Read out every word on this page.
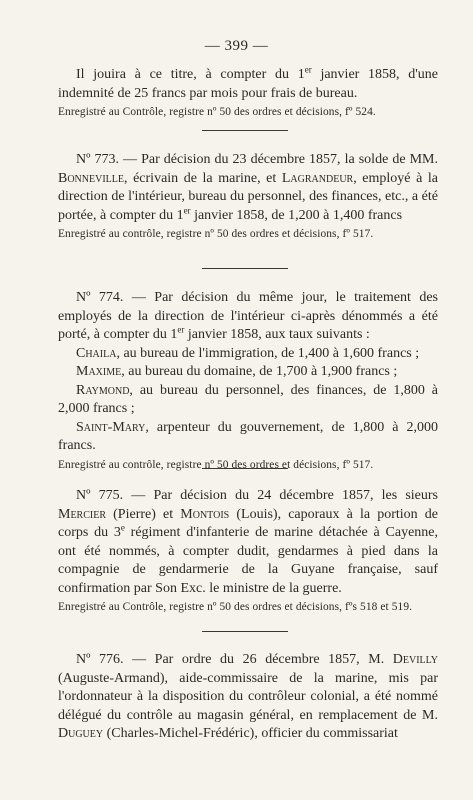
— 399 —

Il jouira à ce titre, à compter du 1er janvier 1858, d'une indemnité de 25 francs par mois pour frais de bureau.

Enregistré au Contrôle, registre nº 50 des ordres et décisions, fº 524.

Nº 773. — Par décision du 23 décembre 1857, la solde de MM. Bonneville, écrivain de la marine, et Lagrandeur, employé à la direction de l'intérieur, bureau du personnel, des finances, etc., a été portée, à compter du 1er janvier 1858, de 1,200 à 1,400 francs

Enregistré au contrôle, registre nº 50 des ordres et décisions, fº 517.

Nº 774. — Par décision du même jour, le traitement des employés de la direction de l'intérieur ci-après dénommés a été porté, à compter du 1er janvier 1858, aux taux suivants :

Chaila, au bureau de l'immigration, de 1,400 à 1,600 francs ;

Maxime, au bureau du domaine, de 1,700 à 1,900 francs ;

Raymond, au bureau du personnel, des finances, de 1,800 à 2,000 francs ;

Saint-Mary, arpenteur du gouvernement, de 1,800 à 2,000 francs.

Enregistré au contrôle, registre nº 50 des ordres et décisions, fº 517.

Nº 775. — Par décision du 24 décembre 1857, les sieurs Mercier (Pierre) et Montois (Louis), caporaux à la portion de corps du 3e régiment d'infanterie de marine détachée à Cayenne, ont été nommés, à compter dudit, gendarmes à pied dans la compagnie de gendarmerie de la Guyane française, sauf confirmation par Son Exc. le ministre de la guerre.

Enregistré au Contrôle, registre nº 50 des ordres et décisions, fºs 518 et 519.

Nº 776. — Par ordre du 26 décembre 1857, M. Devilly (Auguste-Armand), aide-commissaire de la marine, mis par l'ordonnateur à la disposition du contrôleur colonial, a été nommé délégué du contrôle au magasin général, en remplacement de M. Duguey (Charles-Michel-Frédéric), officier du commissariat
